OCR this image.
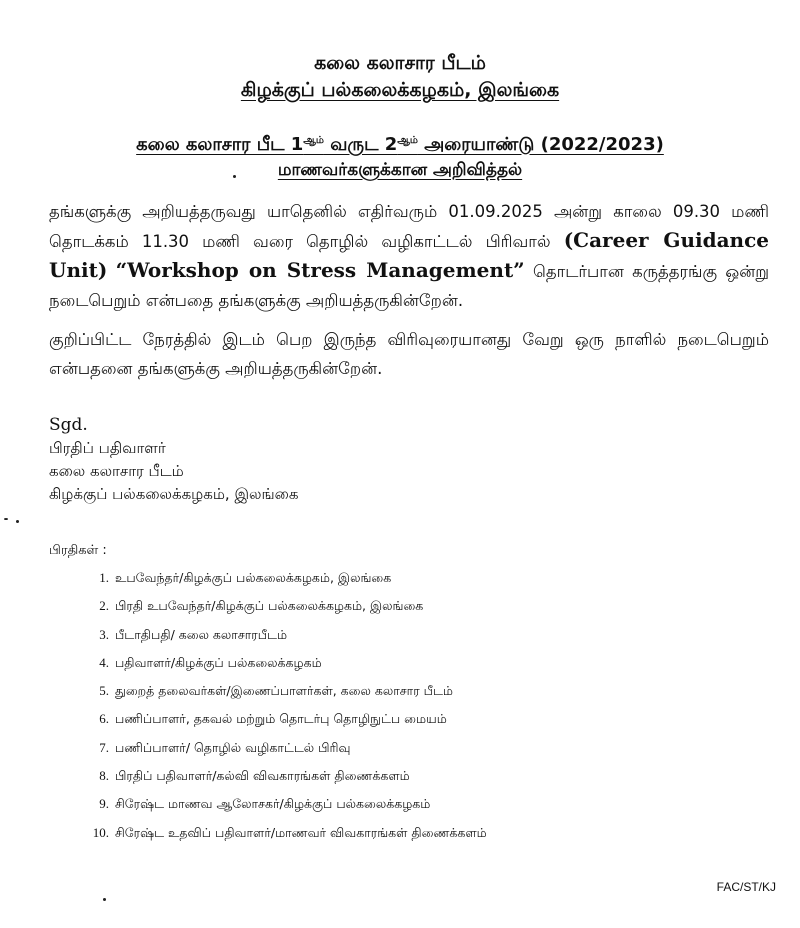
கலை கலாசார பீடம்
கிழக்குப் பல்கலைக்கழகம், இலங்கை
கலை கலாசார பீட $1^{ஆம்}$ வருட $2^{ஆம்}$ அரையாண்டு (2022/2023)
மாணவர்களுக்கான அறிவித்தல்
தங்களுக்கு அறியத்தருவது யாதெனில் எதிர்வரும் 01.09.2025 அன்று காலை 09.30 மணி தொடக்கம் 11.30 மணி வரை தொழில் வழிகாட்டல் பிரிவால் (Career Guidance Unit) “Workshop on Stress Management” தொடர்பான கருத்தரங்கு ஒன்று நடைபெறும் என்பதை தங்களுக்கு அறியத்தருகின்றேன்.
குறிப்பிட்ட நேரத்தில் இடம் பெற இருந்த விரிவுரையானது வேறு ஒரு நாளில் நடைபெறும் என்பதனை தங்களுக்கு அறியத்தருகின்றேன்.
Sgd.
பிரதிப் பதிவாளர்
கலை கலாசார பீடம்
கிழக்குப் பல்கலைக்கழகம், இலங்கை
பிரதிகள் :
1. உபவேந்தர்/கிழக்குப் பல்கலைக்கழகம், இலங்கை
2. பிரதி உபவேந்தர்/கிழக்குப் பல்கலைக்கழகம், இலங்கை
3. பீடாதிபதி/ கலை கலாசாரபீடம்
4. பதிவாளர்/கிழக்குப் பல்கலைக்கழகம்
5. துறைத் தலைவர்கள்/இணைப்பாளர்கள், கலை கலாசார பீடம்
6. பணிப்பாளர், தகவல் மற்றும் தொடர்பு தொழிநுட்ப மையம்
7. பணிப்பாளர்/ தொழில் வழிகாட்டல் பிரிவு
8. பிரதிப் பதிவாளர்/கல்வி விவகாரங்கள் திணைக்களம்
9. சிரேஷ்ட மாணவ ஆலோசகர்/கிழக்குப் பல்கலைக்கழகம்
10. சிரேஷ்ட உதவிப் பதிவாளர்/மாணவர் விவகாரங்கள் திணைக்களம்
FAC/ST/KJ
